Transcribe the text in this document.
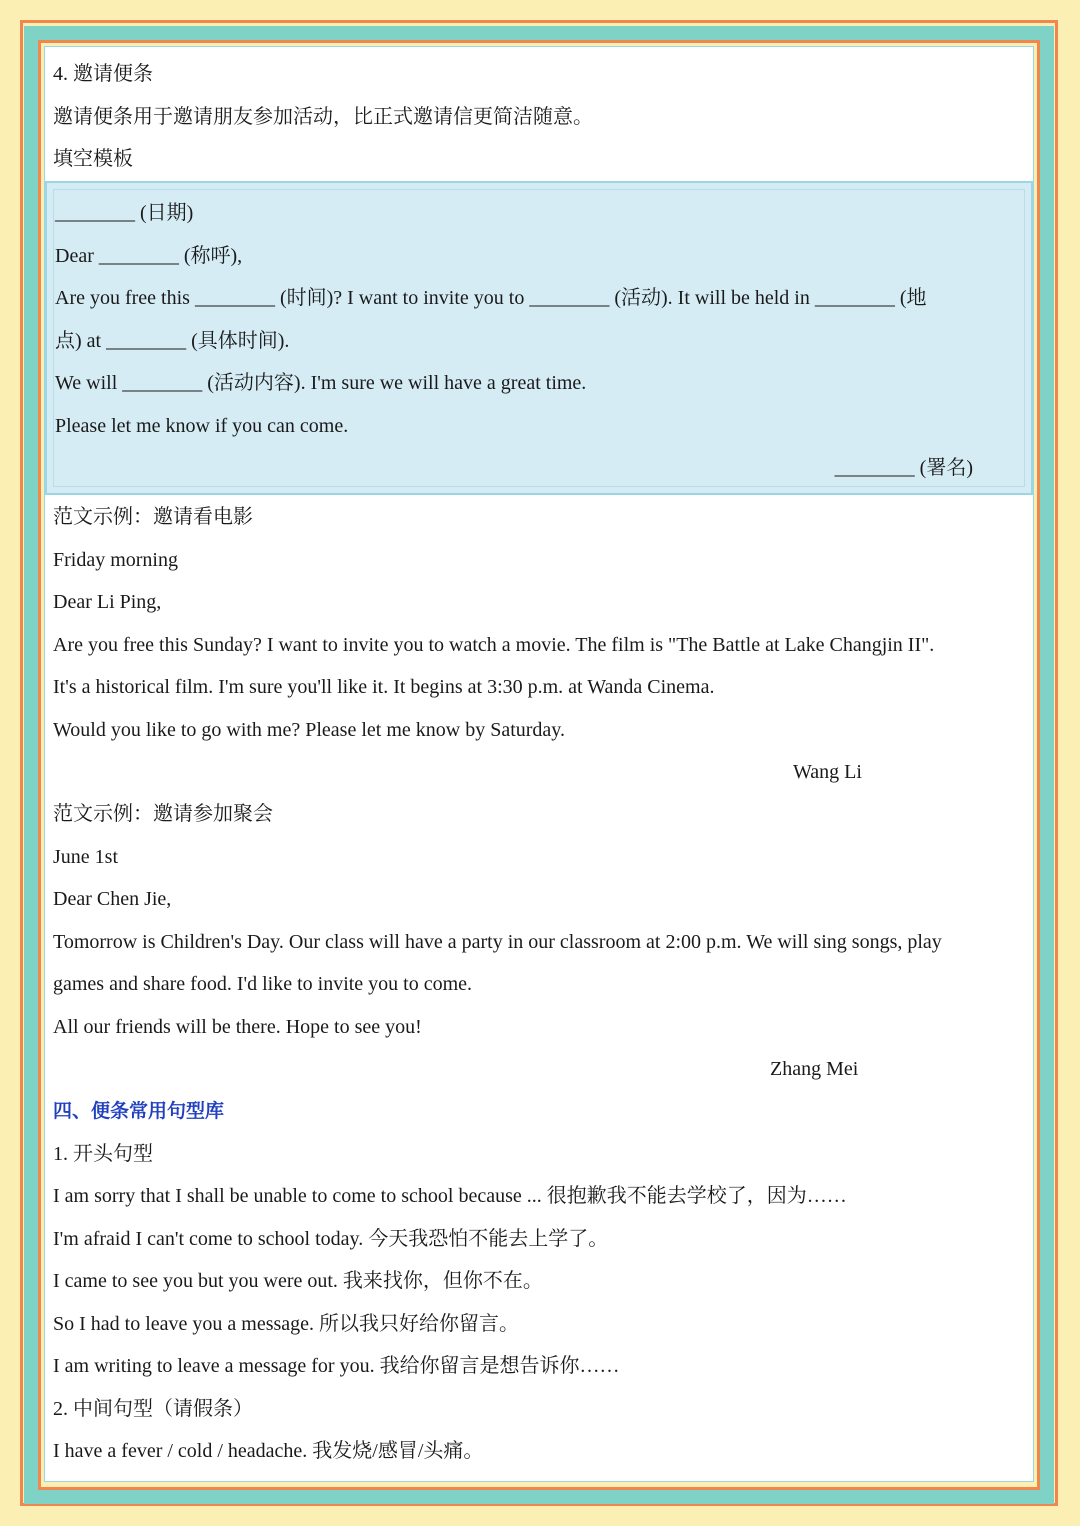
4. 邀请便条
邀请便条用于邀请朋友参加活动，比正式邀请信更简洁随意。
填空模板
________ (日期)
Dear ________ (称呼),
Are you free this ________ (时间)? I want to invite you to ________ (活动). It will be held in ________ (地
点) at ________ (具体时间).
We will ________ (活动内容). I'm sure we will have a great time.
Please let me know if you can come.
________ (署名)
范文示例：邀请看电影
Friday morning
Dear Li Ping,
Are you free this Sunday? I want to invite you to watch a movie. The film is "The Battle at Lake Changjin II".
It's a historical film. I'm sure you'll like it. It begins at 3:30 p.m. at Wanda Cinema.
Would you like to go with me? Please let me know by Saturday.
Wang Li
范文示例：邀请参加聚会
June 1st
Dear Chen Jie,
Tomorrow is Children's Day. Our class will have a party in our classroom at 2:00 p.m. We will sing songs, play
games and share food. I'd like to invite you to come.
All our friends will be there. Hope to see you!
Zhang Mei
四、便条常用句型库
1. 开头句型
I am sorry that I shall be unable to come to school because ... 很抱歉我不能去学校了，因为……
I'm afraid I can't come to school today. 今天我恐怕不能去上学了。
I came to see you but you were out. 我来找你，但你不在。
So I had to leave you a message. 所以我只好给你留言。
I am writing to leave a message for you. 我给你留言是想告诉你……
2. 中间句型（请假条）
I have a fever / cold / headache. 我发烧/感冒/头痛。
